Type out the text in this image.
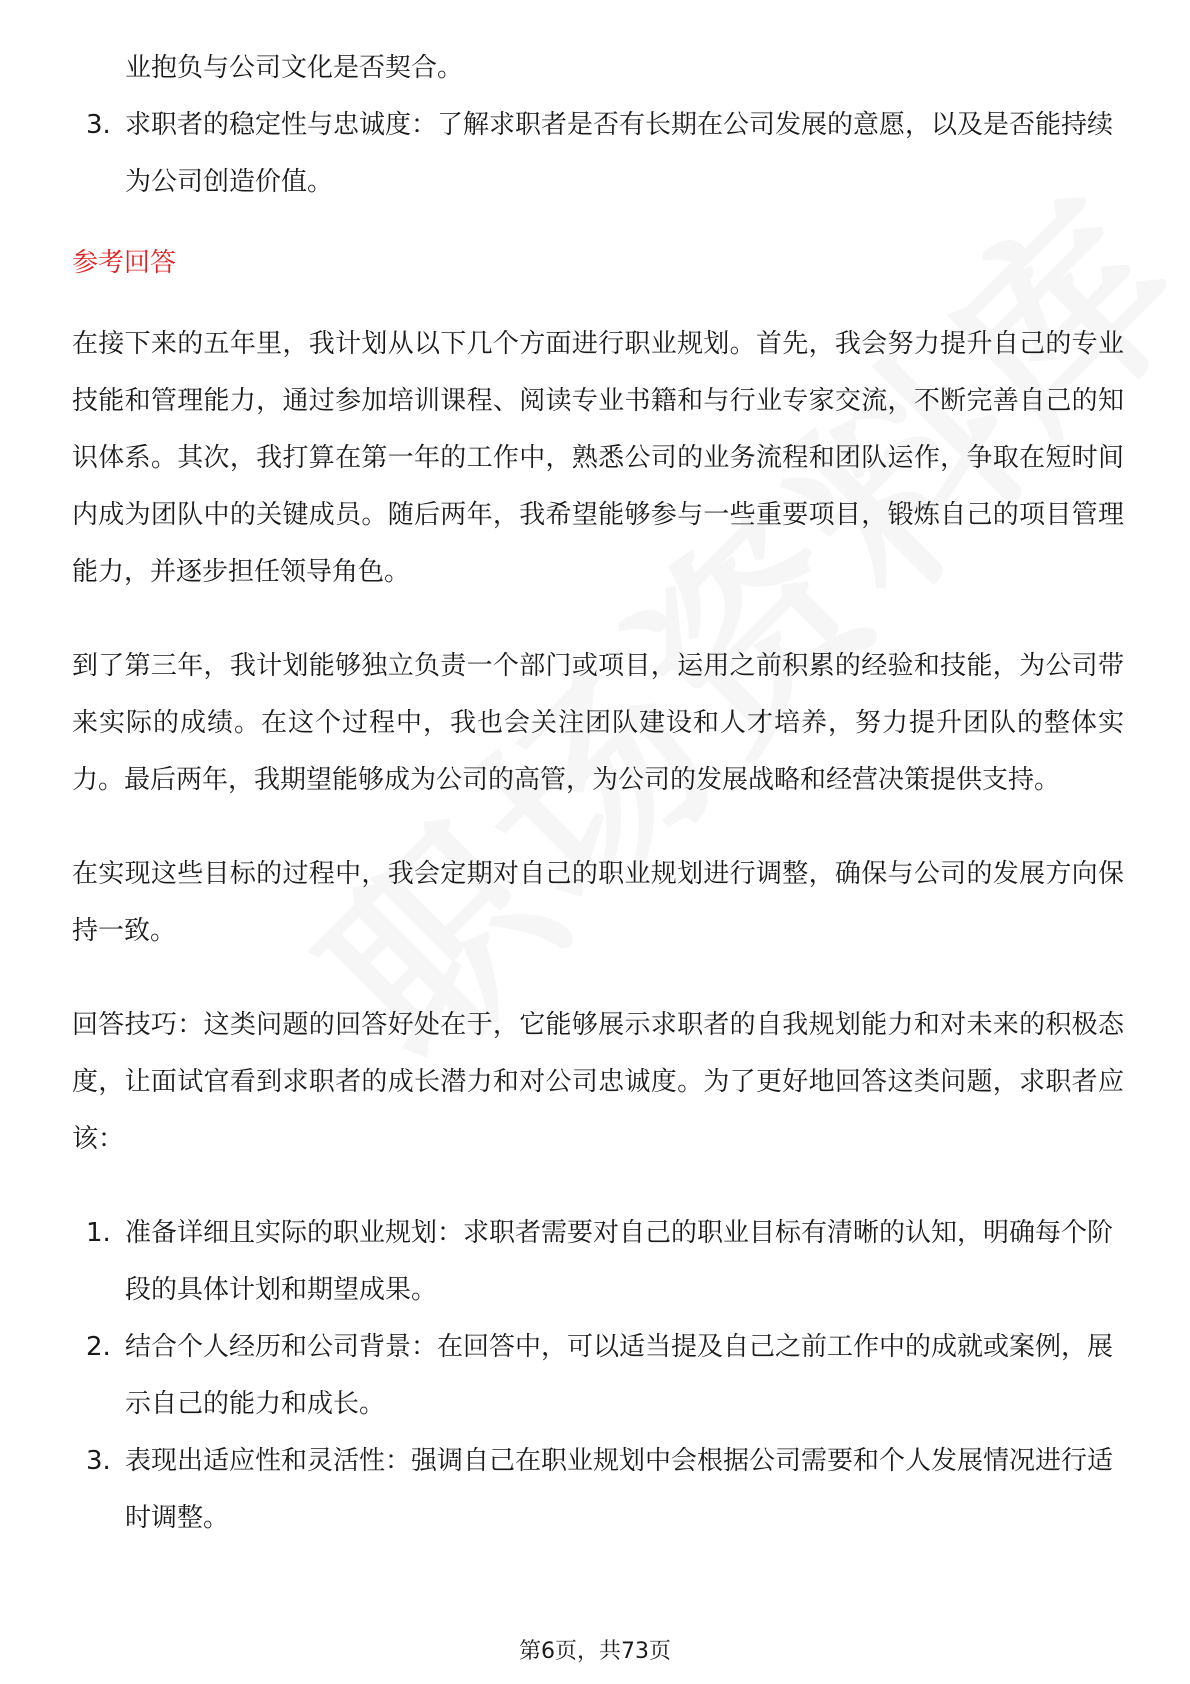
业抱负与公司文化是否契合。
3. 求职者的稳定性与忠诚度：了解求职者是否有长期在公司发展的意愿，以及是否能持续为公司创造价值。
参考回答

在接下来的五年里，我计划从以下几个方面进行职业规划。首先，我会努力提升自己的专业技能和管理能力，通过参加培训课程、阅读专业书籍和与行业专家交流，不断完善自己的知识体系。其次，我打算在第一年的工作中，熟悉公司的业务流程和团队运作，争取在短时间内成为团队中的关键成员。随后两年，我希望能够参与一些重要项目，锻炼自己的项目管理能力，并逐步担任领导角色。

到了第三年，我计划能够独立负责一个部门或项目，运用之前积累的经验和技能，为公司带来实际的成绩。在这个过程中，我也会关注团队建设和人才培养，努力提升团队的整体实力。最后两年，我期望能够成为公司的高管，为公司的发展战略和经营决策提供支持。

在实现这些目标的过程中，我会定期对自己的职业规划进行调整，确保与公司的发展方向保持一致。

回答技巧：这类问题的回答好处在于，它能够展示求职者的自我规划能力和对未来的积极态度，让面试官看到求职者的成长潜力和对公司忠诚度。为了更好地回答这类问题，求职者应该：

1. 准备详细且实际的职业规划：求职者需要对自己的职业目标有清晰的认知，明确每个阶段的具体计划和期望成果。
2. 结合个人经历和公司背景：在回答中，可以适当提及自己之前工作中的成就或案例，展示自己的能力和成长。
3. 表现出适应性和灵活性：强调自己在职业规划中会根据公司需要和个人发展情况进行适时调整。
第6页，共73页
